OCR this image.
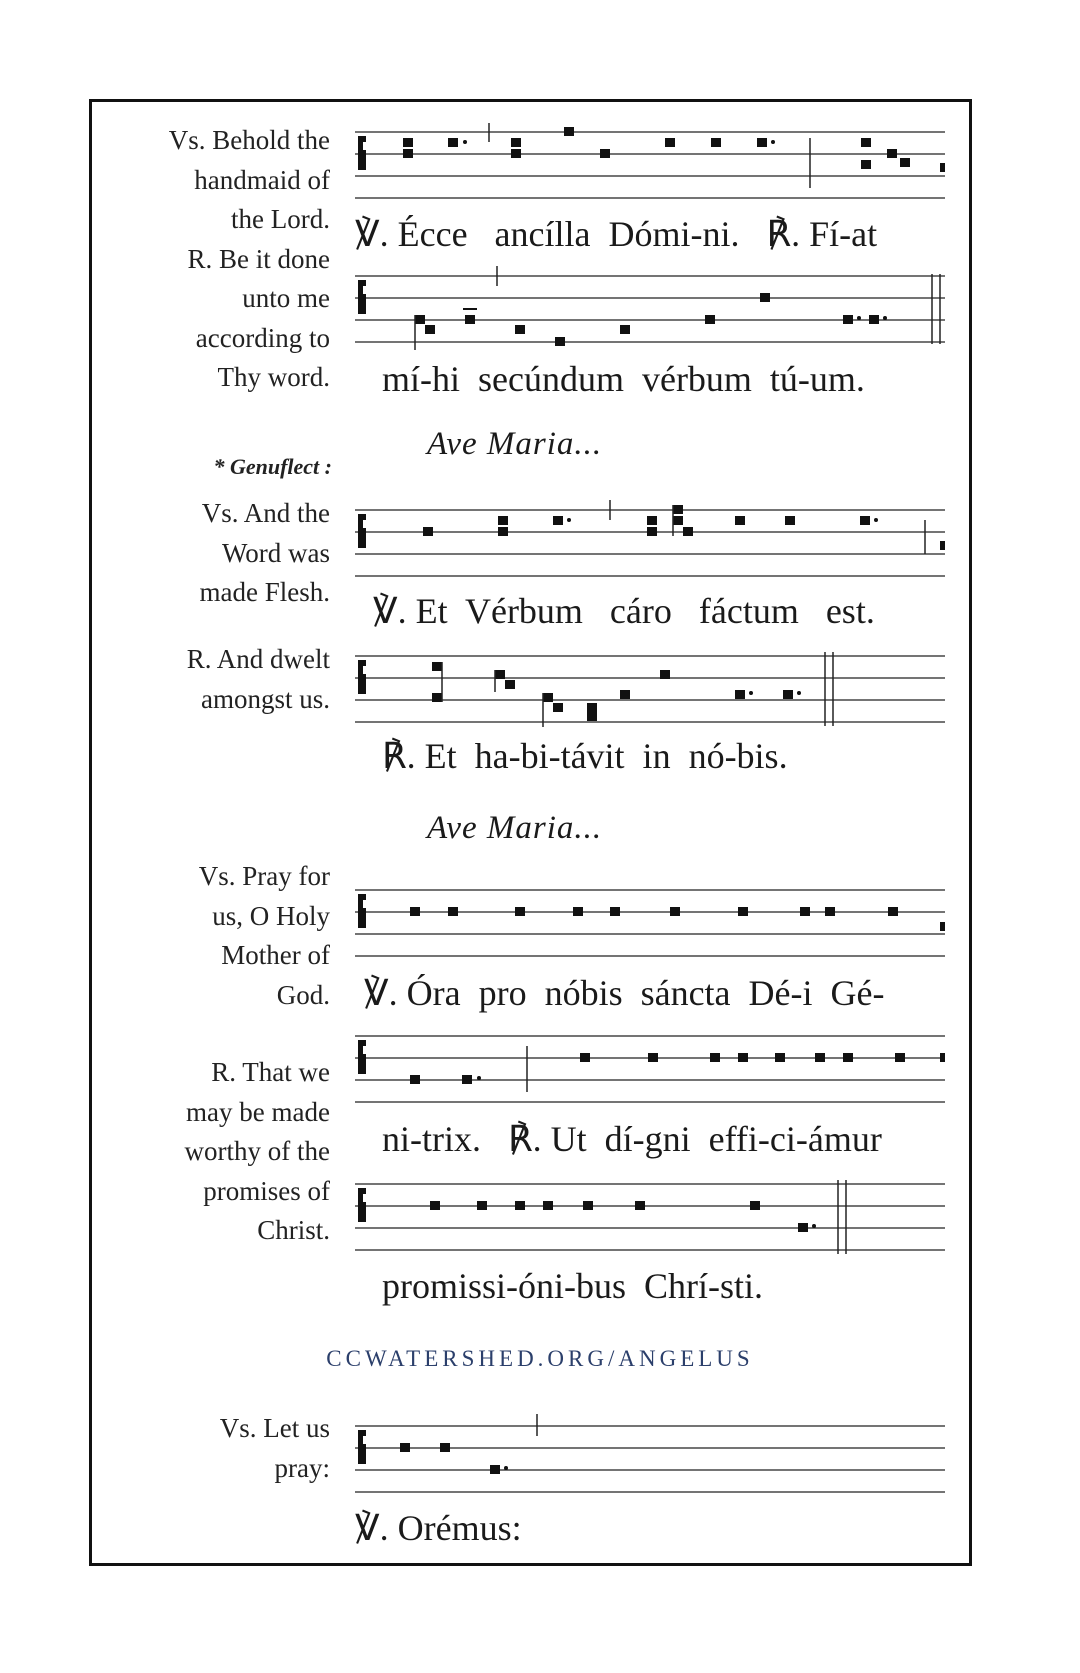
Vs. Behold the
handmaid of
the Lord.
R. Be it done
unto me
according to
Thy word.
Vs. And the
Word was
made Flesh.
R. And dwelt
amongst us.
Vs. Pray for
us, O Holy
Mother of
God.
R. That we
may be made
worthy of the
promises of
Christ.
Vs. Let us
pray:
* Genuflect :
Ave Maria...
Ave Maria...
℣. Écce   ancílla  Dómi-ni.   ℟. Fí-at
mí-hi  secúndum  vérbum  tú-um.
℣. Et  Vérbum   cáro   fáctum   est.
℟. Et  ha-bi-távit  in  nó-bis.
℣. Óra  pro  nóbis  sáncta  Dé-i  Gé-
ni-trix.   ℟. Ut  dí-gni  effi-ci-ámur
promissi-óni-bus  Chrí-sti.
℣. Orémus:
CCWATERSHED.ORG/ANGELUS
